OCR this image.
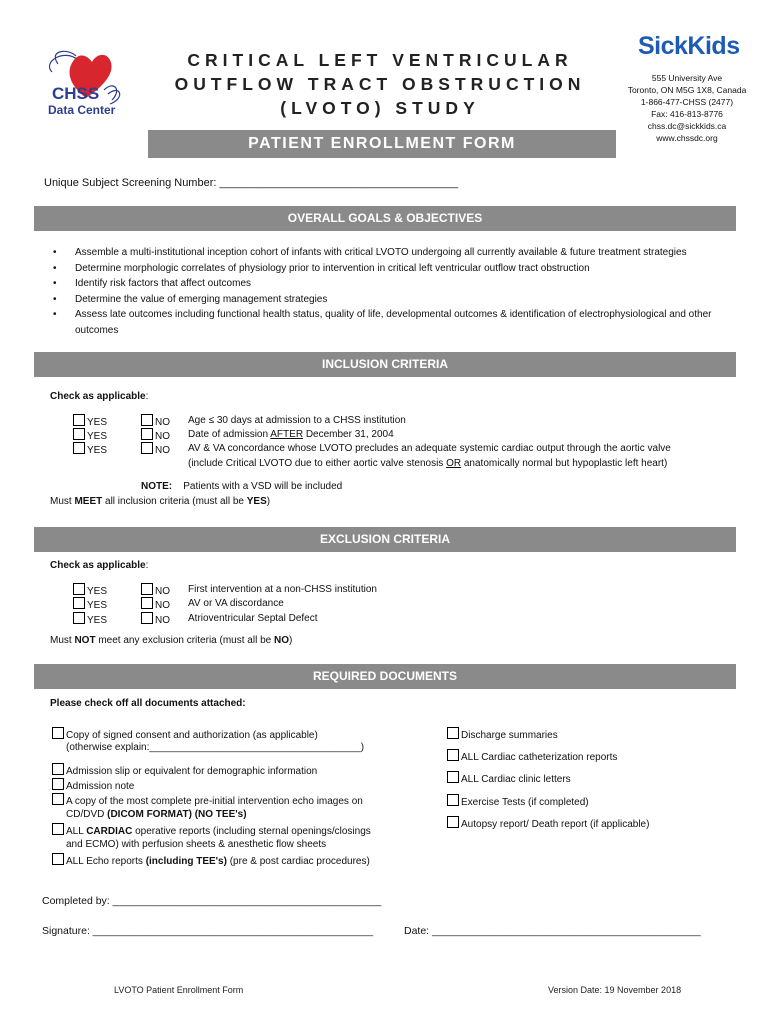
CHSS
Data Center
CRITICAL LEFT VENTRICULAR
OUTFLOW TRACT OBSTRUCTION
(LVOTO) STUDY
PATIENT ENROLLMENT FORM
SickKids
555 University Ave
Toronto, ON M5G 1X8, Canada
1-866-477-CHSS (2477)
Fax: 416-813-8776
chss.dc@sickkids.ca
www.chssdc.org
Unique Subject Screening Number: _______________________________________
OVERALL GOALS & OBJECTIVES
• Assemble a multi-institutional inception cohort of infants with critical LVOTO undergoing all currently available & future treatment strategies
• Determine morphologic correlates of physiology prior to intervention in critical left ventricular outflow tract obstruction
• Identify risk factors that affect outcomes
• Determine the value of emerging management strategies
• Assess late outcomes including functional health status, quality of life, developmental outcomes & identification of electrophysiological and other outcomes
INCLUSION CRITERIA
Check as applicable:
YES	NO Age ≤ 30 days at admission to a CHSS institution
YES	NO Date of admission AFTER December 31, 2004
YES	NO AV & VA concordance whose LVOTO precludes an adequate systemic cardiac output through the aortic valve
(include Critical LVOTO due to either aortic valve stenosis OR anatomically normal but hypoplastic left heart)
NOTE: Patients with a VSD will be included
Must MEET all inclusion criteria (must all be YES)
EXCLUSION CRITERIA
Check as applicable:
YES	NO First intervention at a non-CHSS institution
YES	NO AV or VA discordance
YES	NO Atrioventricular Septal Defect
Must NOT meet any exclusion criteria (must all be NO)
REQUIRED DOCUMENTS
Please check off all documents attached:
Copy of signed consent and authorization (as applicable)
(otherwise explain:______________________________________)
Admission slip or equivalent for demographic information
Admission note
A copy of the most complete pre-initial intervention echo images on
CD/DVD (DICOM FORMAT) (NO TEE's)
ALL CARDIAC operative reports (including sternal openings/closings
and ECMO) with perfusion sheets & anesthetic flow sheets
ALL Echo reports (including TEE's) (pre & post cardiac procedures)
Discharge summaries
ALL Cardiac catheterization reports
ALL Cardiac clinic letters
Exercise Tests (if completed)
Autopsy report/ Death report (if applicable)
Completed by: ______________________________________________
Signature: ________________________________________________	Date: ______________________________________________
LVOTO Patient Enrollment Form	Version Date: 19 November 2018
